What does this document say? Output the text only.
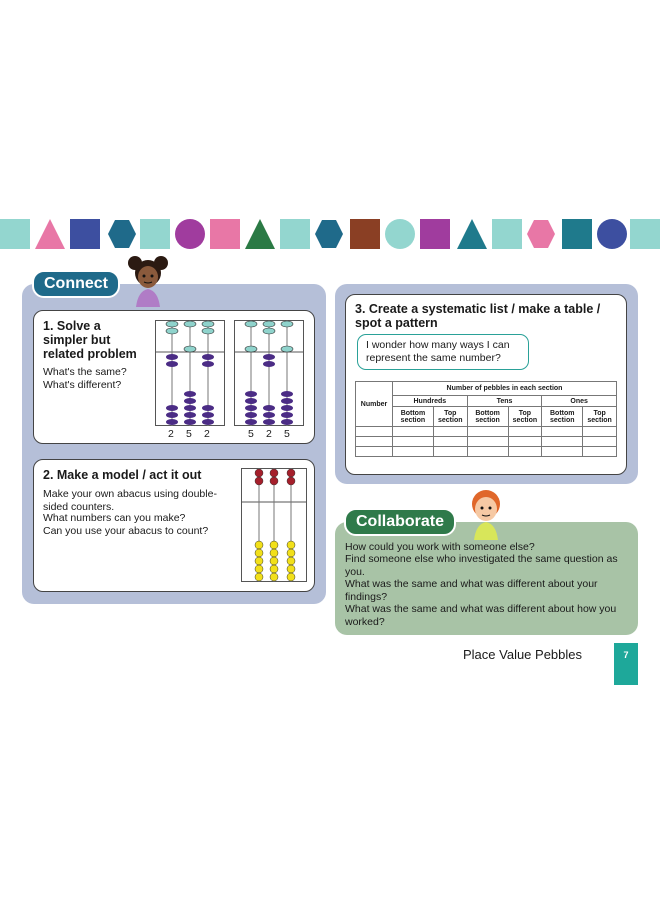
Connect
1. Solve a simpler but related problem
What's the same?
What's different?
2 5 2	5 2 5
2. Make a model / act it out
Make your own abacus using double-sided counters.
What numbers can you make?
Can you use your abacus to count?
3. Create a systematic list / make a table / spot a pattern
I wonder how many ways I can represent the same number?
Number	Number of pebbles in each section					
	Hundreds		Tens		Ones	
	Bottom section	Top section	Bottom section	Top section	Bottom section	Top section

Collaborate
How could you work with someone else?
Find someone else who investigated the same question as you.
What was the same and what was different about your findings?
What was the same and what was different about how you worked?
Place Value Pebbles	7
